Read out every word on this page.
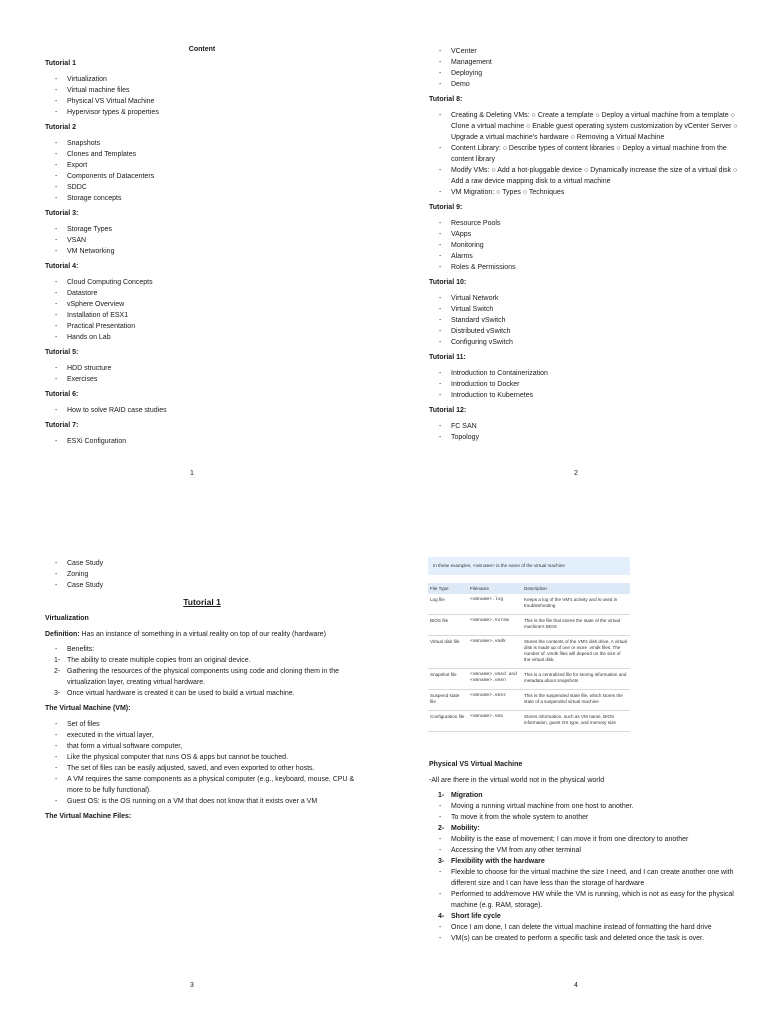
Content
Tutorial 1
- Virtualization
- Virtual machine files
- Physical VS Virtual Machine
- Hypervisor types & properties
Tutorial 2
- Snapshots
- Clones and Templates
- Export
- Components of Datacenters
- SDDC
- Storage concepts
Tutorial 3:
- Storage Types
- VSAN
- VM Networking
Tutorial 4:
- Cloud Computing Concepts
- Datastore
- vSphere Overview
- Installation of ESX1
- Practical Presentation
- Hands on Lab
Tutorial 5:
- HDD structure
- Exercises
Tutorial 6:
- How to solve RAID case studies
Tutorial 7:
- ESXi Configuration
1
- VCenter
- Management
- Deploying
- Demo
Tutorial 8:
- Creating & Deleting VMs: ○ Create a template ○ Deploy a virtual machine from a template ○ Clone a virtual machine ○ Enable guest operating system customization by vCenter Server ○ Upgrade a virtual machine's hardware ○ Removing a Virtual Machine
- Content Library: ○ Describe types of content libraries ○ Deploy a virtual machine from the content library
- Modify VMs: ○ Add a hot-pluggable device ○ Dynamically increase the size of a virtual disk ○ Add a raw device mapping disk to a virtual machine
- VM Migration: ○ Types ○ Techniques
Tutorial 9:
- Resource Pools
- VApps
- Monitoring
- Alarms
- Roles & Permissions
Tutorial 10:
- Virtual Network
- Virtual Switch
- Standard vSwitch
- Distributed vSwitch
- Configuring vSwitch
Tutorial 11:
- Introduction to Containerization
- Introduction to Docker
- Introduction to Kubernetes
Tutorial 12:
- FC SAN
- Topology
2
- Case Study
- Zoning
- Case Study
Tutorial 1
Virtualization

Definition: Has an instance of something in a virtual reality on top of our reality (hardware)

- Benefits:
1- The ability to create multiple copies from an original device.
2- Gathering the resources of the physical components using code and cloning them in the virtualization layer, creating virtual hardware.
3- Once virtual hardware is created it can be used to build a virtual machine.
The Virtual Machine (VM):
- Set of files
- executed in the virtual layer,
- that form a virtual software computer,
- Like the physical computer that runs OS & apps but cannot be touched.
- The set of files can be easily adjusted, saved, and even exported to other hosts.
- A VM requires the same components as a physical computer (e.g., keyboard, mouse, CPU & more to be fully functional).
- Guest OS: is the OS running on a VM that does not know that it exists over a VM
The Virtual Machine Files:
3
In these examples, <vmname> is the name of the virtual machine
File Type	Filename	Description
Log file	<vmname>.log	Keeps a log of the VM's activity and is used in troubleshooting
BIOS file	<vmname>.nvram	This is the file that stores the state of the virtual machine's BIOS
Virtual disk file	<vmname>.vmdk	Stores the contents of the VM's disk drive. A virtual disk is made up of one or more .vmdk files. The number of .vmdk files will depend on the size of the virtual disk.
Snapshot file	<vmname>.vmsd and <vmname>.vmsn	This is a centralized file for storing information and metadata about snapshots
Suspend state file	<vmname>.vmss	This is the suspended state file, which stores the state of a suspended virtual machine
Configuration file	<vmname>.vmx	Stores information, such as VM name, BIOS information, guest OS type, and memory size
Physical VS Virtual Machine

-All are there in the virtual world not in the physical world

1- Migration
- Moving a running virtual machine from one host to another.
- To move it from the whole system to another
2- Mobility:
- Mobility is the ease of movement; I can move it from one directory to another
- Accessing the VM from any other terminal
3- Flexibility with the hardware
- Flexible to choose for the virtual machine the size I need, and I can create another one with different size and I can have less than the storage of hardware
- Performed to add/remove HW while the VM is running, which is not as easy for the physical machine (e.g. RAM, storage).
4- Short life cycle
- Once I am done, I can delete the virtual machine instead of formatting the hard drive
- VM(s) can be created to perform a specific task and deleted once the task is over.
4
